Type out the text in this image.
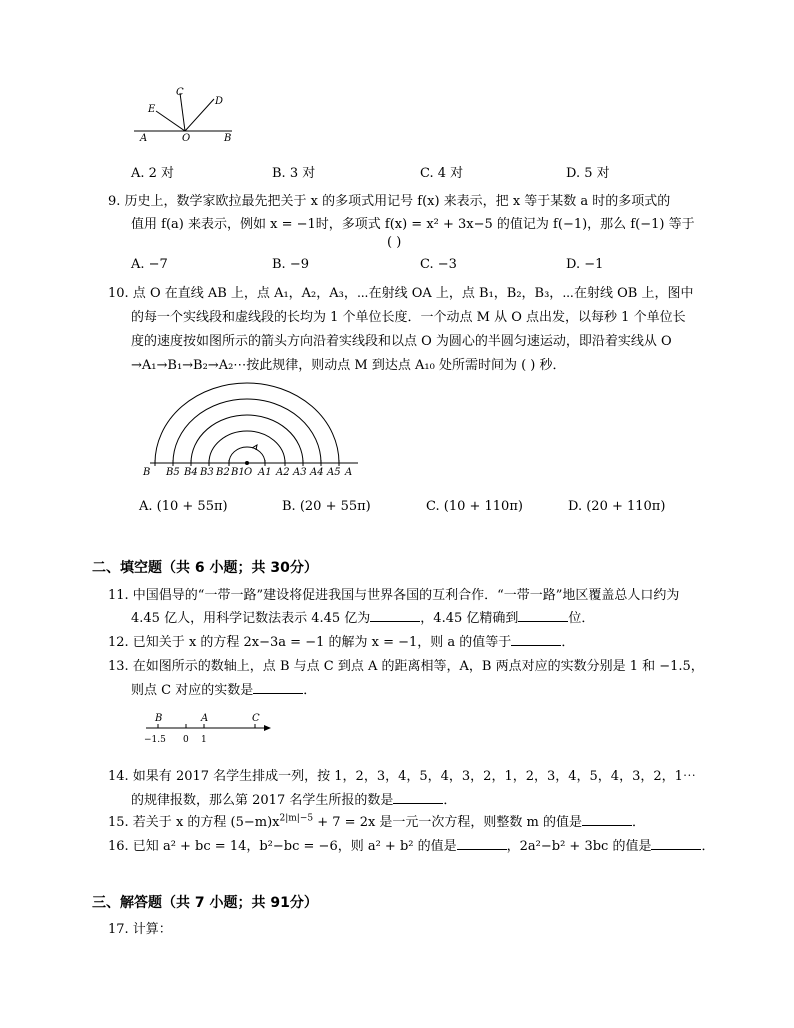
C
D
E
A	O	B
A. 2 对	B. 3 对	C. 4 对	D. 5 对
9. 历史上，数学家欧拉最先把关于 x 的多项式用记号 f(x) 来表示，把 x 等于某数 a 时的多项式的
值用 f(a) 来表示，例如 x = −1时，多项式 f(x) = x² + 3x−5 的值记为 f(−1)，那么 f(−1) 等于
( )
A. −7	B. −9	C. −3	D. −1
10. 点 O 在直线 AB 上，点 A₁，A₂，A₃，⋯在射线 OA 上，点 B₁，B₂，B₃，⋯在射线 OB 上，图中
的每一个实线段和虚线段的长均为 1 个单位长度．一个动点 M 从 O 点出发，以每秒 1 个单位长
度的速度按如图所示的箭头方向沿着实线段和以点 O 为圆心的半圆匀速运动，即沿着实线从 O
→A₁→B₁→B₂→A₂⋯按此规律，则动点 M 到达点 A₁₀ 处所需时间为 ( ) 秒．
B B5 B4 B3 B2 B1 O A1 A2 A3 A4 A5 A
A. (10 + 55π)	B. (20 + 55π)	C. (10 + 110π)	D. (20 + 110π)
二、填空题（共 6 小题；共 30分）
11. 中国倡导的“一带一路”建设将促进我国与世界各国的互利合作．“一带一路”地区覆盖总人口约为
4.45 亿人，用科学记数法表示 4.45 亿为	，4.45 亿精确到	位．
12. 已知关于 x 的方程 2x−3a = −1 的解为 x = −1，则 a 的值等于	．
13. 在如图所示的数轴上，点 B 与点 C 到点 A 的距离相等，A，B 两点对应的实数分别是 1 和 −1.5，
则点 C 对应的实数是	．
B	A	C
−1.5 0 1
14. 如果有 2017 名学生排成一列，按 1，2，3，4，5，4，3，2，1，2，3，4，5，4，3，2，1⋯
的规律报数，那么第 2017 名学生所报的数是	．
15. 若关于 x 的方程 $(5-m)x^{2|m|-5} + 7 = 2x$ 是一元一次方程，则整数 m 的值是	．
16. 已知 a² + bc = 14，b²−bc = −6，则 a² + b² 的值是	，2a²−b² + 3bc 的值是	．
三、解答题（共 7 小题；共 91分）
17. 计算：
